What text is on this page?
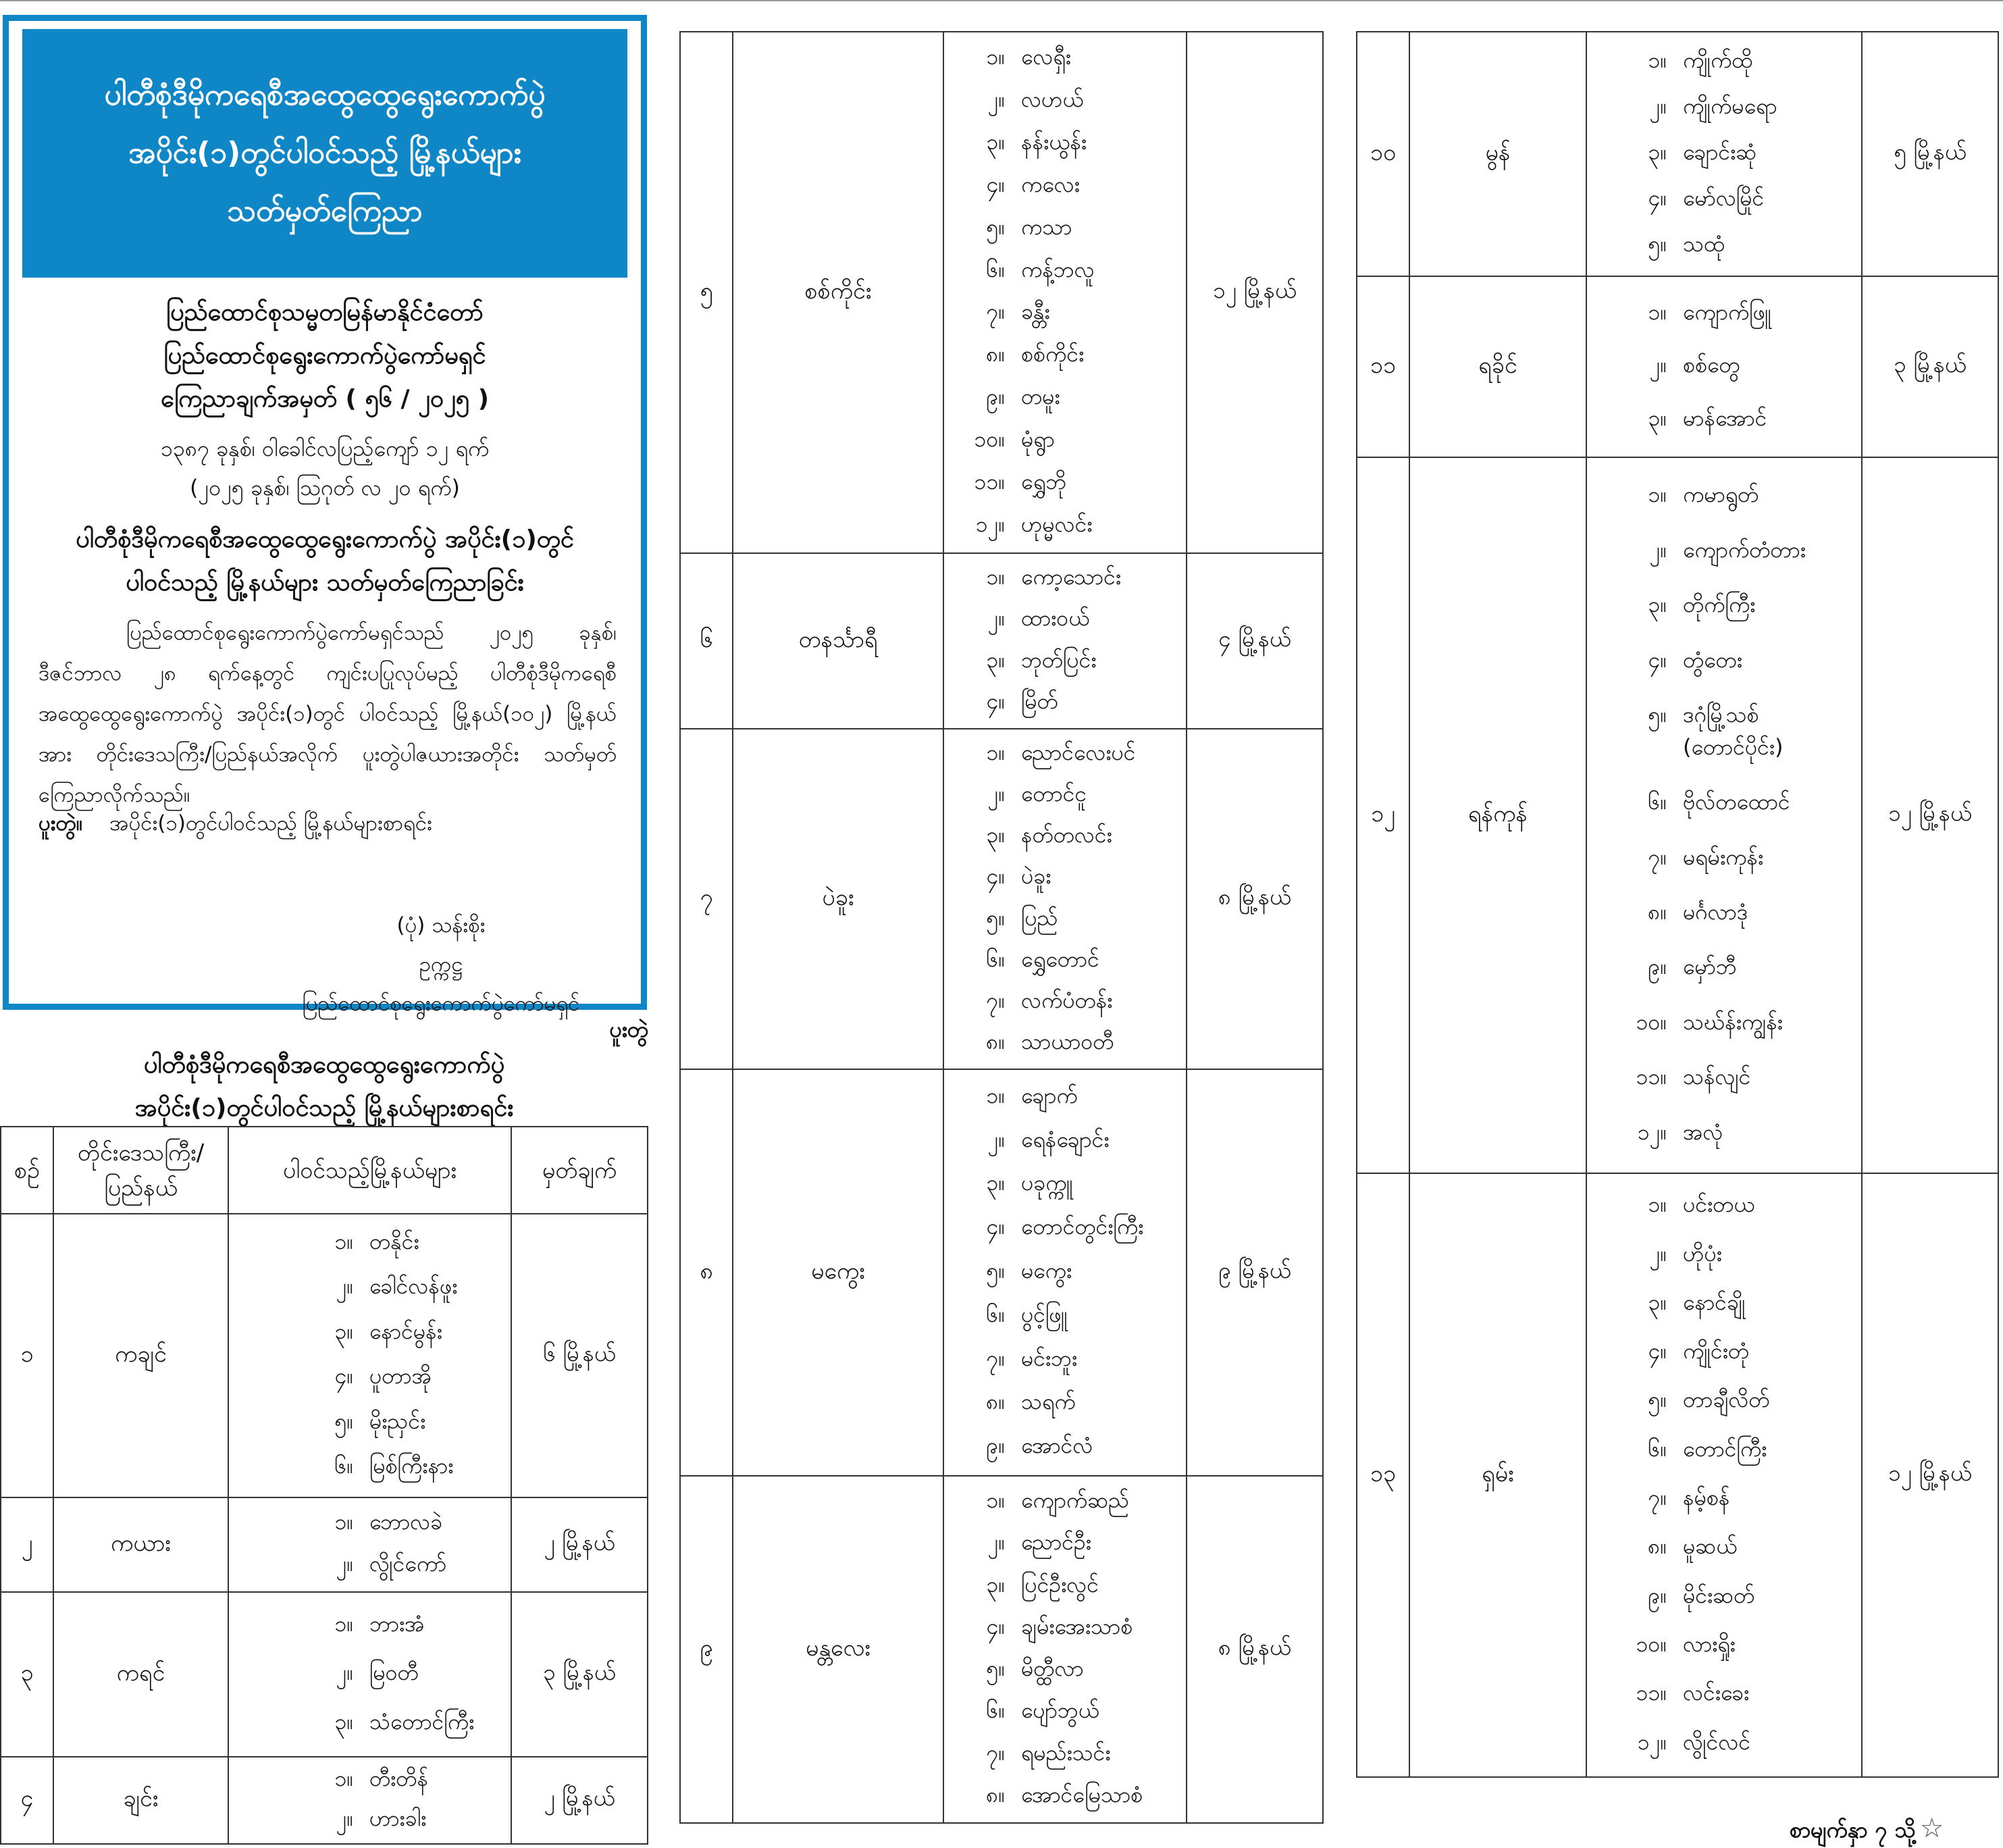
ပါတီစုံဒီမိုကရေစီအထွေထွေရွေးကောက်ပွဲ
အပိုင်း(၁)တွင်ပါဝင်သည့် မြို့နယ်များ
သတ်မှတ်ကြေညာ
ပြည်ထောင်စုသမ္မတမြန်မာနိုင်ငံတော်
ပြည်ထောင်စုရွေးကောက်ပွဲကော်မရှင်
ကြေညာချက်အမှတ် ( ၅၆ / ၂၀၂၅ )
၁၃၈၇ ခုနှစ်၊ ဝါခေါင်လပြည့်ကျော် ၁၂ ရက်
(၂၀၂၅ ခုနှစ်၊ ဩဂုတ် လ ၂၀ ရက်)
ပါတီစုံဒီမိုကရေစီအထွေထွေရွေးကောက်ပွဲ အပိုင်း(၁)တွင်
ပါဝင်သည့် မြို့နယ်များ သတ်မှတ်ကြေညာခြင်း
ပြည်ထောင်စုရွေးကောက်ပွဲကော်မရှင်သည် ၂၀၂၅ ခုနှစ်၊ ဒီဇင်ဘာလ ၂၈ ရက်နေ့တွင် ကျင်းပပြုလုပ်မည့် ပါတီစုံဒီမိုကရေစီ အထွေထွေရွေးကောက်ပွဲ အပိုင်း(၁)တွင် ပါဝင်သည့် မြို့နယ်(၁၀၂) မြို့နယ်အား တိုင်းဒေသကြီး/ပြည်နယ်အလိုက် ပူးတွဲပါဇယားအတိုင်း သတ်မှတ်ကြေညာလိုက်သည်။
ပူးတွဲ။ အပိုင်း(၁)တွင်ပါဝင်သည့် မြို့နယ်များစာရင်း
(ပုံ) သန်းစိုး
ဥက္ကဋ္ဌ
ပြည်ထောင်စုရွေးကောက်ပွဲကော်မရှင်
ပူးတွဲ
ပါတီစုံဒီမိုကရေစီအထွေထွေရွေးကောက်ပွဲ
အပိုင်း(၁)တွင်ပါဝင်သည့် မြို့နယ်များစာရင်း
စဉ်
တိုင်းဒေသကြီး/
ပြည်နယ်
ပါဝင်သည့်မြို့နယ်များ	မှတ်ချက်
၁	ကချင်
၁။ တနိုင်း
၂။ ခေါင်လန်ဖူး
၃။ နောင်မွန်း
၄။ ပူတာအို
၅။ မိုးညှင်း
၆။ မြစ်ကြီးနား
၆ မြို့နယ်
၂	ကယား
၁။ ဘောလခဲ
၂။ လွိုင်ကော်
၂ မြို့နယ်
၃	ကရင်
၁။ ဘားအံ
၂။ မြဝတီ
၃။ သံတောင်ကြီး
၃ မြို့နယ်
၄	ချင်း
၁။ တီးတိန်
၂။ ဟားခါး
၂ မြို့နယ်
၅	စစ်ကိုင်း
၁။ လေရှီး
၂။ လဟယ်
၃။ နန်းယွန်း
၄။ ကလေး
၅။ ကသာ
၆။ ကန့်ဘလူ
၇။ ခန္တီး
၈။ စစ်ကိုင်း
၉။ တမူး
၁၀။ မုံရွာ
၁၁။ ရွှေဘို
၁၂။ ဟုမ္မလင်း
၁၂ မြို့နယ်
၆	တနင်္သာရီ
၁။ ကော့သောင်း
၂။ ထားဝယ်
၃။ ဘုတ်ပြင်း
၄။ မြိတ်
၄ မြို့နယ်
၇	ပဲခူး
၁။ ညောင်လေးပင်
၂။ တောင်ငူ
၃။ နတ်တလင်း
၄။ ပဲခူး
၅။ ပြည်
၆။ ရွှေတောင်
၇။ လက်ပံတန်း
၈။ သာယာဝတီ
၈ မြို့နယ်
၈	မကွေး
၁။ ချောက်
၂။ ရေနံချောင်း
၃။ ပခုက္ကူ
၄။ တောင်တွင်းကြီး
၅။ မကွေး
၆။ ပွင့်ဖြူ
၇။ မင်းဘူး
၈။ သရက်
၉။ အောင်လံ
၉ မြို့နယ်
၉	မန္တလေး
၁။ ကျောက်ဆည်
၂။ ညောင်ဦး
၃။ ပြင်ဦးလွင်
၄။ ချမ်းအေးသာစံ
၅။ မိတ္ထီလာ
၆။ ပျော်ဘွယ်
၇။ ရမည်းသင်း
၈။ အောင်မြေသာစံ
၈ မြို့နယ်
၁၀	မွန်
၁။ ကျိုက်ထို
၂။ ကျိုက်မရော
၃။ ချောင်းဆုံ
၄။ မော်လမြိုင်
၅။ သထုံ
၅ မြို့နယ်
၁၁	ရခိုင်
၁။ ကျောက်ဖြူ
၂။ စစ်တွေ
၃။ မာန်အောင်
၃ မြို့နယ်
၁၂	ရန်ကုန်
၁။ ကမာရွတ်
၂။ ကျောက်တံတား
၃။ တိုက်ကြီး
၄။ တွံတေး
၅။ ဒဂုံမြို့သစ်
(တောင်ပိုင်း)
၆။ ဗိုလ်တထောင်
၇။ မရမ်းကုန်း
၈။ မင်္ဂလာဒုံ
၉။ မှော်ဘီ
၁၀။ သဃ်န်းကျွန်း
၁၁။ သန်လျင်
၁၂။ အလုံ
၁၂ မြို့နယ်
၁၃	ရှမ်း
၁။ ပင်းတယ
၂။ ဟိုပုံး
၃။ နောင်ချို
၄။ ကျိုင်းတုံ
၅။ တာချီလိတ်
၆။ တောင်ကြီး
၇။ နမ့်စန်
၈။ မူဆယ်
၉။ မိုင်းဆတ်
၁၀။ လားရှိုး
၁၁။ လင်းခေး
၁၂။ လွိုင်လင်
၁၂ မြို့နယ်
စာမျက်နှာ ၇ သို့ ☆
